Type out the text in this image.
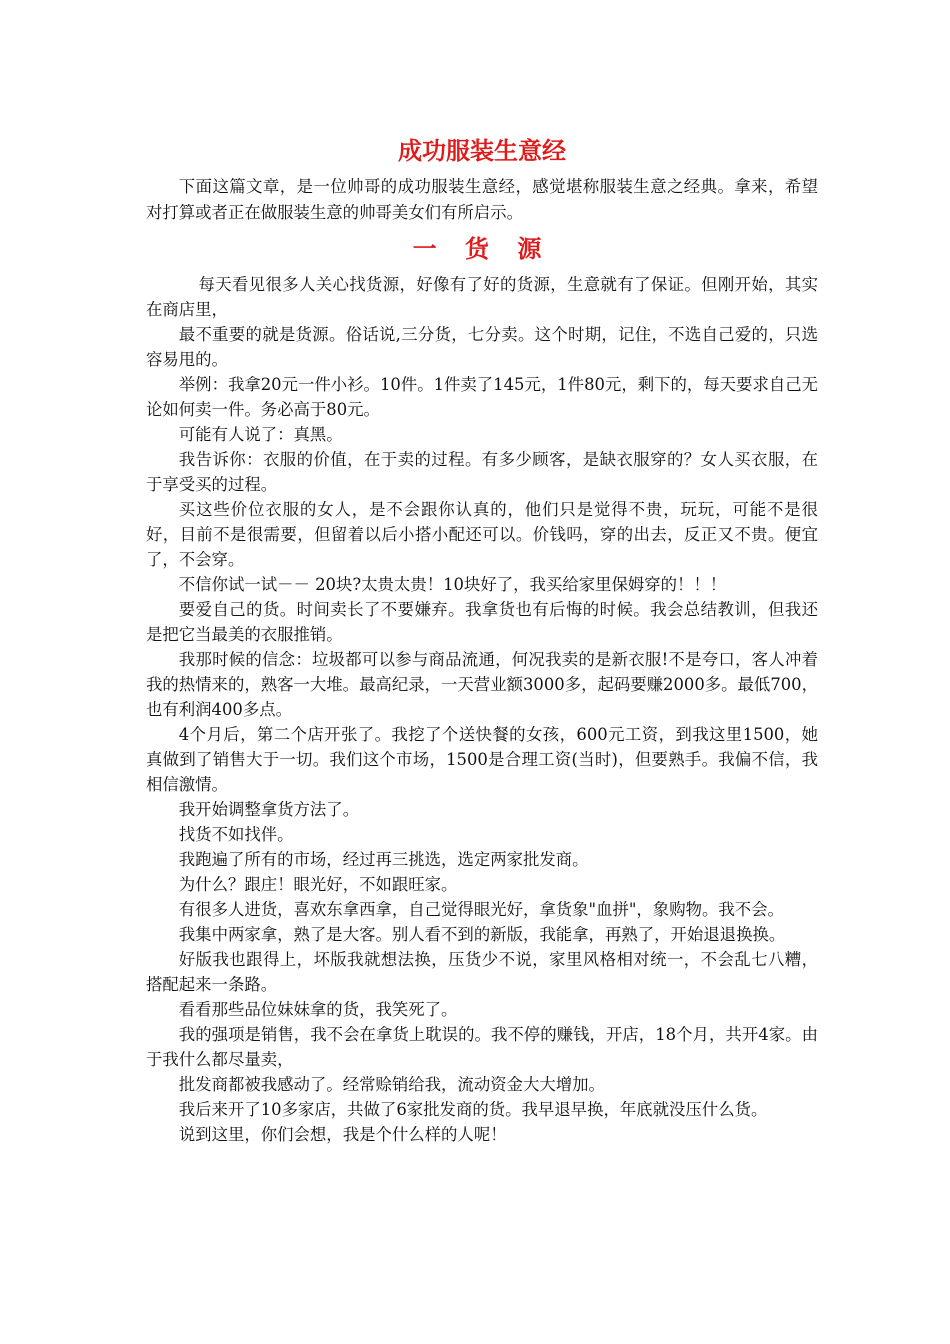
成功服装生意经

下面这篇文章，是一位帅哥的成功服装生意经，感觉堪称服装生意之经典。拿来，希望对打算或者正在做服装生意的帅哥美女们有所启示。

一 货 源

每天看见很多人关心找货源，好像有了好的货源，生意就有了保证。但刚开始，其实在商店里，

最不重要的就是货源。俗话说,三分货，七分卖。这个时期，记住，不选自己爱的，只选容易甩的。

举例：我拿20元一件小衫。10件。1件卖了145元，1件80元，剩下的，每天要求自己无论如何卖一件。务必高于80元。

可能有人说了：真黑。

我告诉你：衣服的价值，在于卖的过程。有多少顾客，是缺衣服穿的？女人买衣服，在于享受买的过程。

买这些价位衣服的女人，是不会跟你认真的，他们只是觉得不贵，玩玩，可能不是很好，目前不是很需要，但留着以后小搭小配还可以。价钱吗，穿的出去，反正又不贵。便宜了，不会穿。

不信你试一试－－ 20块?太贵太贵！10块好了，我买给家里保姆穿的！！！

要爱自己的货。时间卖长了不要嫌弃。我拿货也有后悔的时候。我会总结教训，但我还是把它当最美的衣服推销。

我那时候的信念：垃圾都可以参与商品流通，何况我卖的是新衣服!不是夸口，客人冲着我的热情来的，熟客一大堆。最高纪录，一天营业额3000多，起码要赚2000多。最低700，也有利润400多点。

4个月后，第二个店开张了。我挖了个送快餐的女孩，600元工资，到我这里1500，她真做到了销售大于一切。我们这个市场，1500是合理工资(当时)，但要熟手。我偏不信，我相信激情。

我开始调整拿货方法了。

找货不如找伴。

我跑遍了所有的市场，经过再三挑选，选定两家批发商。

为什么？跟庄！眼光好，不如跟旺家。

有很多人进货，喜欢东拿西拿，自己觉得眼光好，拿货象"血拼"，象购物。我不会。

我集中两家拿，熟了是大客。别人看不到的新版，我能拿，再熟了，开始退退换换。

好版我也跟得上，坏版我就想法换，压货少不说，家里风格相对统一，不会乱七八糟，搭配起来一条路。

看看那些品位妹妹拿的货，我笑死了。

我的强项是销售，我不会在拿货上耽误的。我不停的赚钱，开店，18个月，共开4家。由于我什么都尽量卖，

批发商都被我感动了。经常赊销给我，流动资金大大增加。

我后来开了10多家店，共做了6家批发商的货。我早退早换，年底就没压什么货。

说到这里，你们会想，我是个什么样的人呢！
